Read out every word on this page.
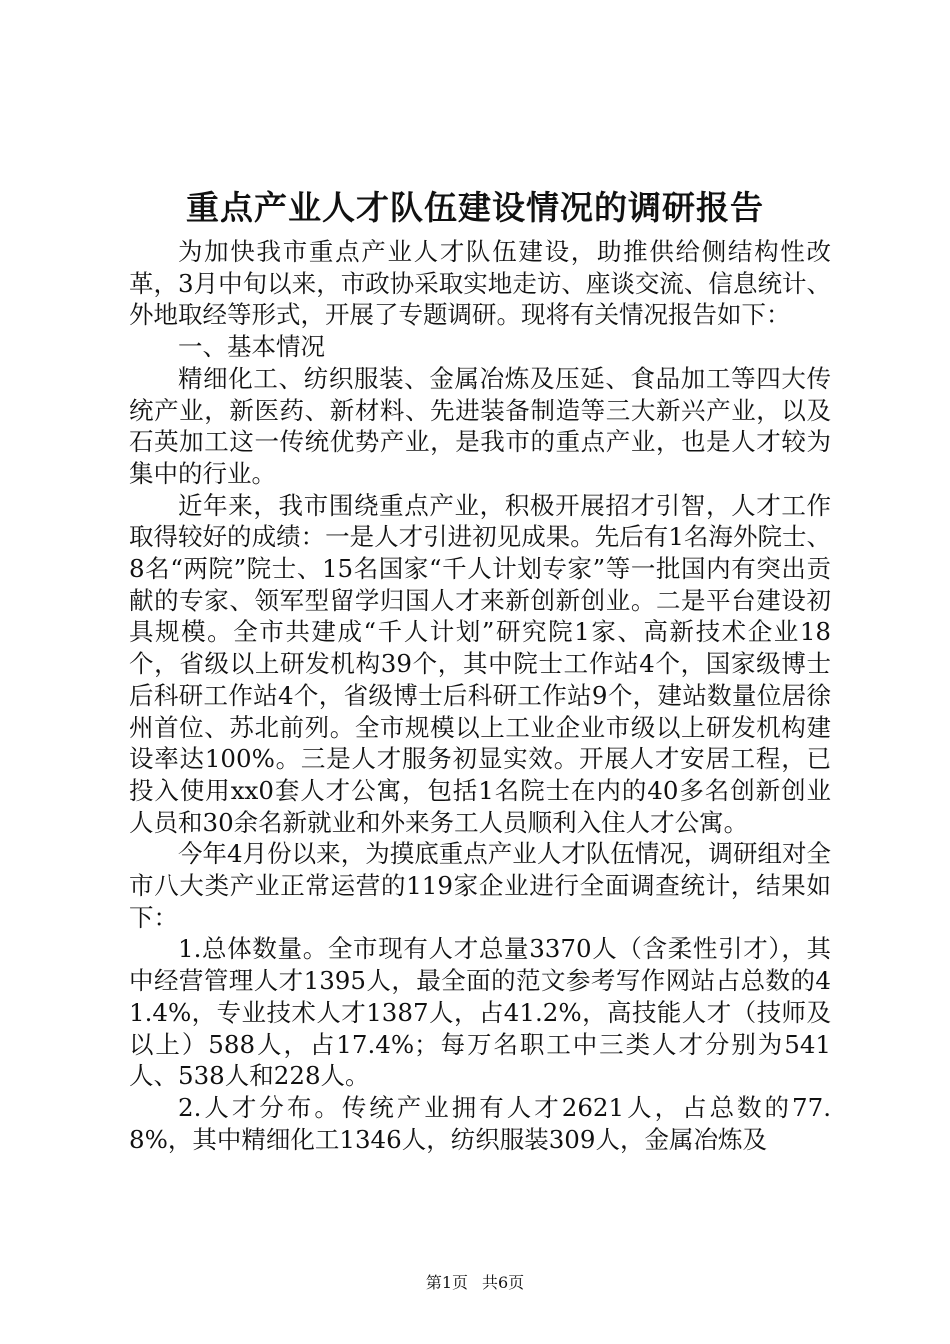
重点产业人才队伍建设情况的调研报告

为加快我市重点产业人才队伍建设，助推供给侧结构性改革，3月中旬以来，市政协采取实地走访、座谈交流、信息统计、外地取经等形式，开展了专题调研。现将有关情况报告如下：

一、基本情况

精细化工、纺织服装、金属冶炼及压延、食品加工等四大传统产业，新医药、新材料、先进装备制造等三大新兴产业，以及石英加工这一传统优势产业，是我市的重点产业，也是人才较为集中的行业。

近年来，我市围绕重点产业，积极开展招才引智，人才工作取得较好的成绩：一是人才引进初见成果。先后有1名海外院士、8名“两院”院士、15名国家“千人计划专家”等一批国内有突出贡献的专家、领军型留学归国人才来新创新创业。二是平台建设初具规模。全市共建成“千人计划”研究院1家、高新技术企业18个，省级以上研发机构39个，其中院士工作站4个，国家级博士后科研工作站4个，省级博士后科研工作站9个，建站数量位居徐州首位、苏北前列。全市规模以上工业企业市级以上研发机构建设率达100%。三是人才服务初显实效。开展人才安居工程，已投入使用xx0套人才公寓，包括1名院士在内的40多名创新创业人员和30余名新就业和外来务工人员顺利入住人才公寓。

今年4月份以来，为摸底重点产业人才队伍情况，调研组对全市八大类产业正常运营的119家企业进行全面调查统计，结果如下：

1.总体数量。全市现有人才总量3370人（含柔性引才），其中经营管理人才1395人，最全面的范文参考写作网站占总数的41.4%，专业技术人才1387人，占41.2%，高技能人才（技师及以上）588人，占17.4%；每万名职工中三类人才分别为541人、538人和228人。

2.人才分布。传统产业拥有人才2621人，占总数的77.8%，其中精细化工1346人，纺织服装309人，金属冶炼及

第1页 共6页
